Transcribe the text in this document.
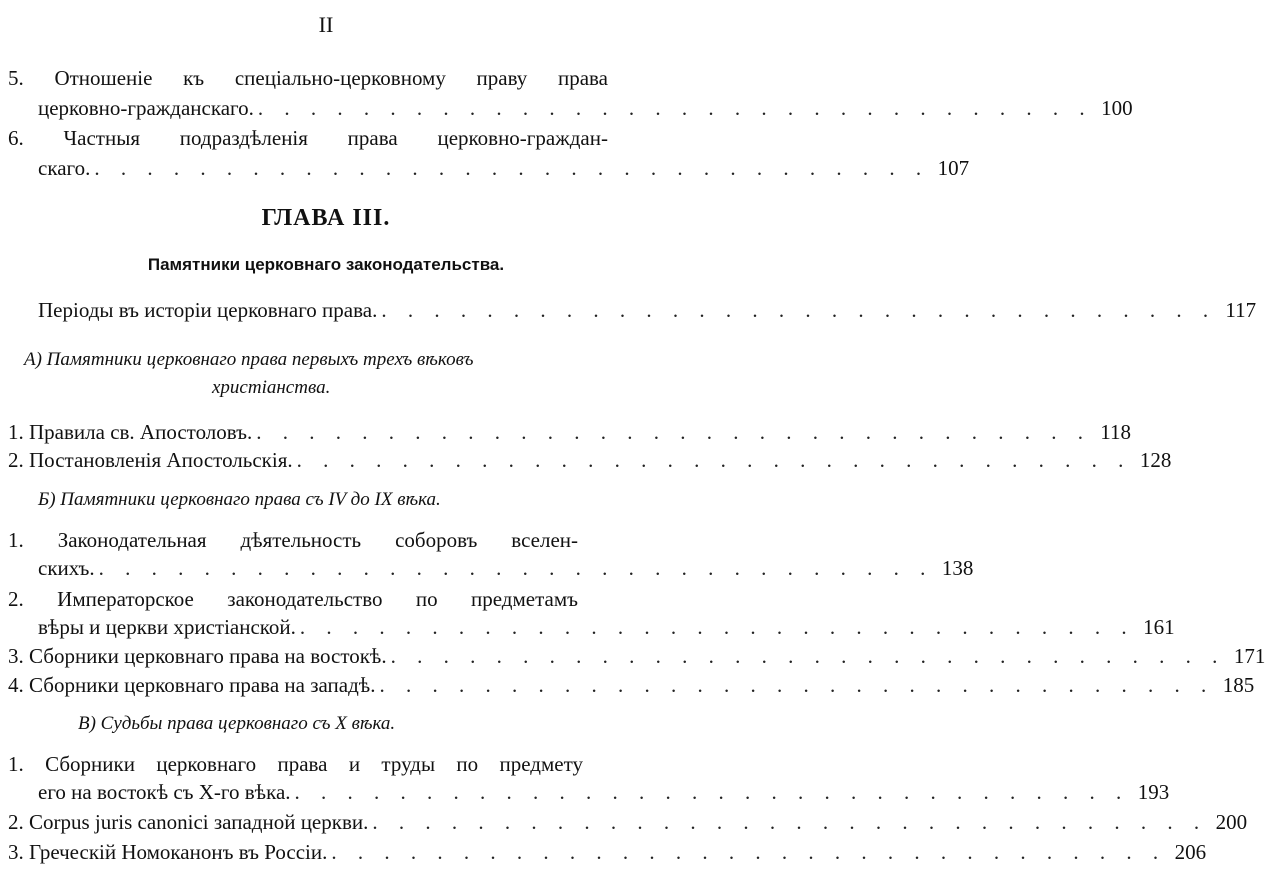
II
5. Отношеніе къ спеціально-церковному праву права
церковно-гражданскаго. . . . . . . . . . . . . . . . . . . . . . . . . . . . . . . . . 100
6. Частныя подраздѣленія права церковно-граждан-
скаго. . . . . . . . . . . . . . . . . . . . . . . . . . . . . . . . . 107
ГЛАВА III.
Памятники церковнаго законодательства.
Періоды въ исторіи церковнаго права. . . . . . . . . . . . . . . . . . . . . . . . . . . . . . . . . 117
А) Памятники церковнаго права первыхъ трехъ вѣковъ
христіанства.
1. Правила св. Апостоловъ. . . . . . . . . . . . . . . . . . . . . . . . . . . . . . . . . 118
2. Постановленія Апостольскія. . . . . . . . . . . . . . . . . . . . . . . . . . . . . . . . . 128
Б) Памятники церковнаго права съ IV до IX вѣка.
1. Законодательная дѣятельность соборовъ вселен-
скихъ. . . . . . . . . . . . . . . . . . . . . . . . . . . . . . . . . 138
2. Императорское законодательство по предметамъ
вѣры и церкви христіанской. . . . . . . . . . . . . . . . . . . . . . . . . . . . . . . . . 161
3. Сборники церковнаго права на востокѣ. . . . . . . . . . . . . . . . . . . . . . . . . . . . . . . . . 171
4. Сборники церковнаго права на западѣ. . . . . . . . . . . . . . . . . . . . . . . . . . . . . . . . . 185
В) Судьбы права церковнаго съ X вѣка.
1. Сборники церковнаго права и труды по предмету
его на востокѣ съ X-го вѣка. . . . . . . . . . . . . . . . . . . . . . . . . . . . . . . . . 193
2. Corpus juris canonici западной церкви. . . . . . . . . . . . . . . . . . . . . . . . . . . . . . . . . 200
3. Греческій Номоканонъ въ Россіи. . . . . . . . . . . . . . . . . . . . . . . . . . . . . . . . . 206
